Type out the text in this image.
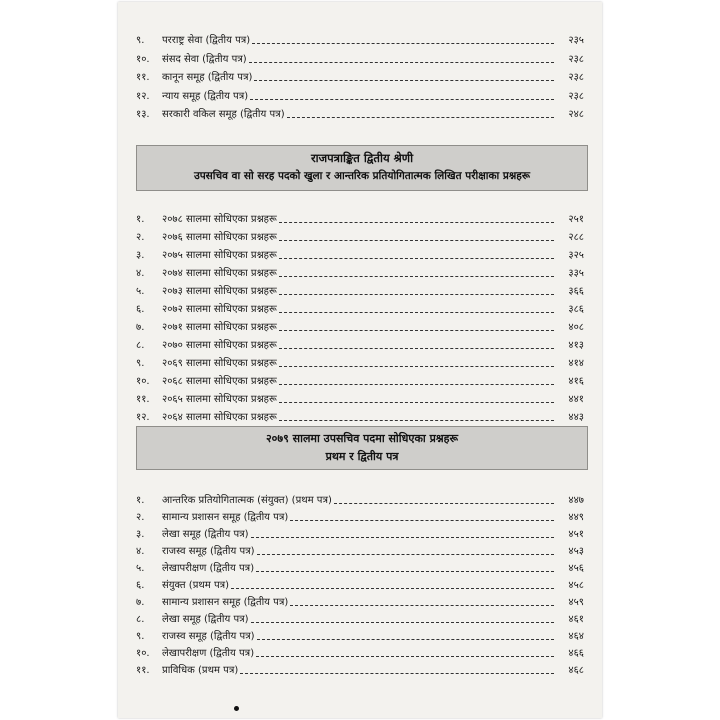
९.	परराष्ट्र सेवा (द्वितीय पत्र)	२३५
१०.	संसद सेवा (द्वितीय पत्र)	२३८
११.	कानून समूह (द्वितीय पत्र)	२३८
१२.	न्याय समूह (द्वितीय पत्र)	२३८
१३.	सरकारी वकिल समूह (द्वितीय पत्र)	२४८
राजपत्राङ्कित द्वितीय श्रेणी
उपसचिव वा सो सरह पदको खुला र आन्तरिक प्रतियोगितात्मक लिखित परीक्षाका प्रश्नहरू
१.	२०७८ सालमा सोधिएका प्रश्नहरू	२५१
२.	२०७६ सालमा सोधिएका प्रश्नहरू	२८८
३.	२०७५ सालमा सोधिएका प्रश्नहरू	३२५
४.	२०७४ सालमा सोधिएका प्रश्नहरू	३३५
५.	२०७३ सालमा सोधिएका प्रश्नहरू	३६६
६.	२०७२ सालमा सोधिएका प्रश्नहरू	३८६
७.	२०७१ सालमा सोधिएका प्रश्नहरू	४०८
८.	२०७० सालमा सोधिएका प्रश्नहरू	४१३
९.	२०६९ सालमा सोधिएका प्रश्नहरू	४१४
१०.	२०६८ सालमा सोधिएका प्रश्नहरू	४१६
११.	२०६५ सालमा सोधिएका प्रश्नहरू	४४१
१२.	२०६४ सालमा सोधिएका प्रश्नहरू	४४३
२०७९ सालमा उपसचिव पदमा सोधिएका प्रश्नहरू
प्रथम र द्वितीय पत्र
१.	आन्तरिक प्रतियोगितात्मक (संयुक्त) (प्रथम पत्र)	४४७
२.	सामान्य प्रशासन समूह (द्वितीय पत्र)	४४९
३.	लेखा समूह (द्वितीय पत्र)	४५१
४.	राजस्व समूह (द्वितीय पत्र)	४५३
५.	लेखापरीक्षण (द्वितीय पत्र)	४५६
६.	संयुक्त (प्रथम पत्र)	४५८
७.	सामान्य प्रशासन समूह (द्वितीय पत्र)	४५९
८.	लेखा समूह (द्वितीय पत्र)	४६१
९.	राजस्व समूह (द्वितीय पत्र)	४६४
१०.	लेखापरीक्षण (द्वितीय पत्र)	४६६
११.	प्राविधिक (प्रथम पत्र)	४६८
